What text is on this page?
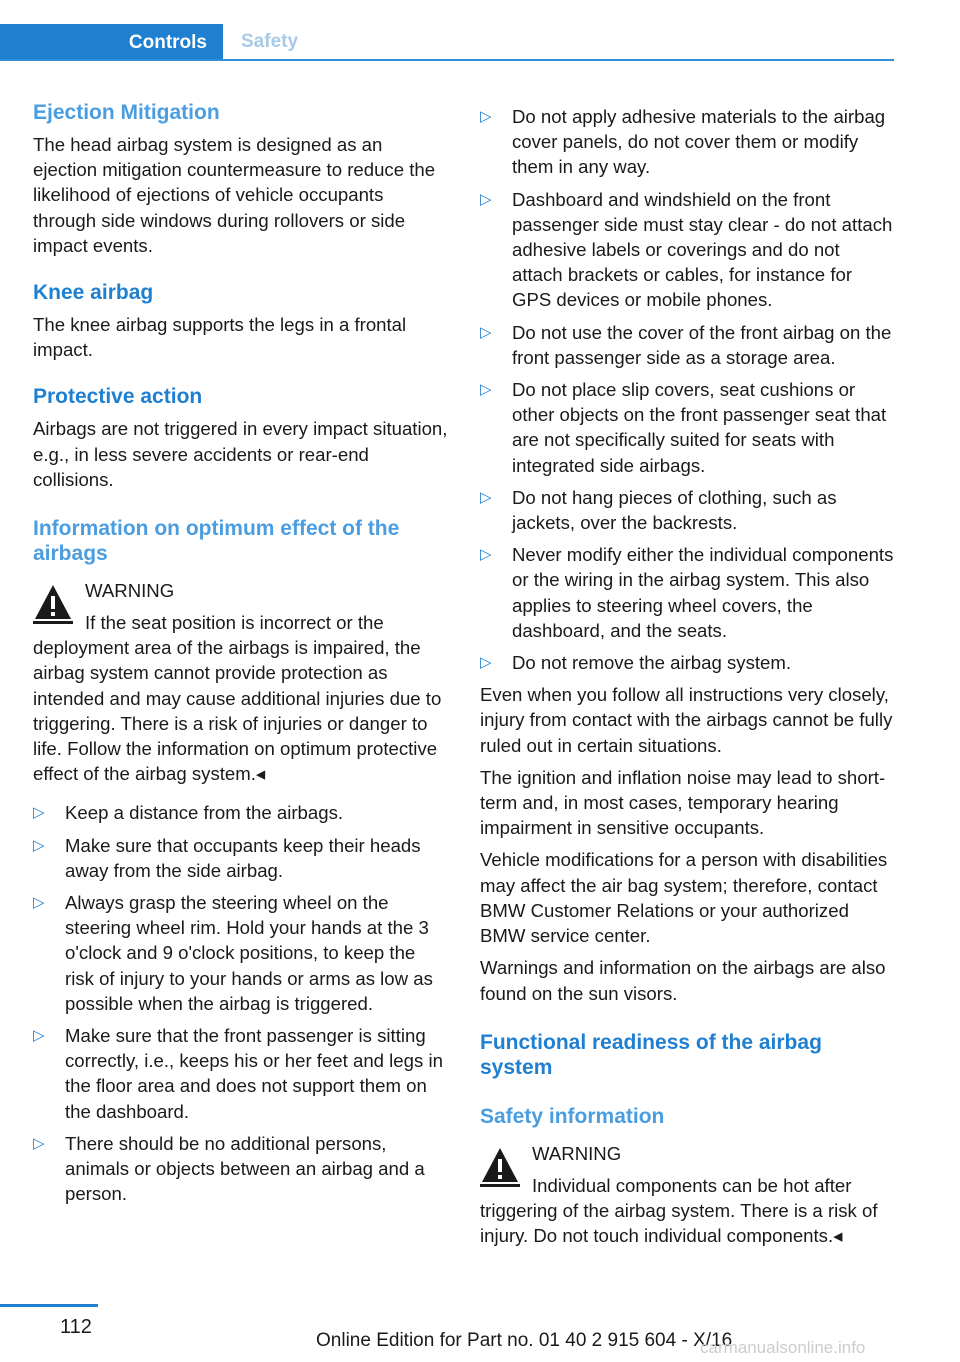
Controls	Safety
Ejection Mitigation

The head airbag system is designed as an ejection mitigation countermeasure to reduce the likelihood of ejections of vehicle occupants through side windows during rollovers or side impact events.

Knee airbag

The knee airbag supports the legs in a frontal impact.

Protective action

Airbags are not triggered in every impact situation, e.g., in less severe accidents or rear-end collisions.

Information on optimum effect of the airbags
WARNING

If the seat position is incorrect or the deployment area of the airbags is impaired, the airbag system cannot provide protection as intended and may cause additional injuries due to triggering. There is a risk of injuries or danger to life. Follow the information on optimum protective effect of the airbag system.◂

▷ Keep a distance from the airbags.
▷ Make sure that occupants keep their heads away from the side airbag.
▷ Always grasp the steering wheel on the steering wheel rim. Hold your hands at the 3 o'clock and 9 o'clock positions, to keep the risk of injury to your hands or arms as low as possible when the airbag is triggered.
▷ Make sure that the front passenger is sitting correctly, i.e., keeps his or her feet and legs in the floor area and does not support them on the dashboard.
▷ There should be no additional persons, animals or objects between an airbag and a person.
▷ Do not apply adhesive materials to the airbag cover panels, do not cover them or modify them in any way.
▷ Dashboard and windshield on the front passenger side must stay clear - do not attach adhesive labels or coverings and do not attach brackets or cables, for instance for GPS devices or mobile phones.
▷ Do not use the cover of the front airbag on the front passenger side as a storage area.
▷ Do not place slip covers, seat cushions or other objects on the front passenger seat that are not specifically suited for seats with integrated side airbags.
▷ Do not hang pieces of clothing, such as jackets, over the backrests.
▷ Never modify either the individual components or the wiring in the airbag system. This also applies to steering wheel covers, the dashboard, and the seats.
▷ Do not remove the airbag system.

Even when you follow all instructions very closely, injury from contact with the airbags cannot be fully ruled out in certain situations.

The ignition and inflation noise may lead to short-term and, in most cases, temporary hearing impairment in sensitive occupants.

Vehicle modifications for a person with disabilities may affect the air bag system; therefore, contact BMW Customer Relations or your authorized BMW service center.

Warnings and information on the airbags are also found on the sun visors.

Functional readiness of the airbag system
Safety information
WARNING

Individual components can be hot after triggering of the airbag system. There is a risk of injury. Do not touch individual components.◂

112
Online Edition for Part no. 01 40 2 915 604 - X/16
carmanualsonline.info
